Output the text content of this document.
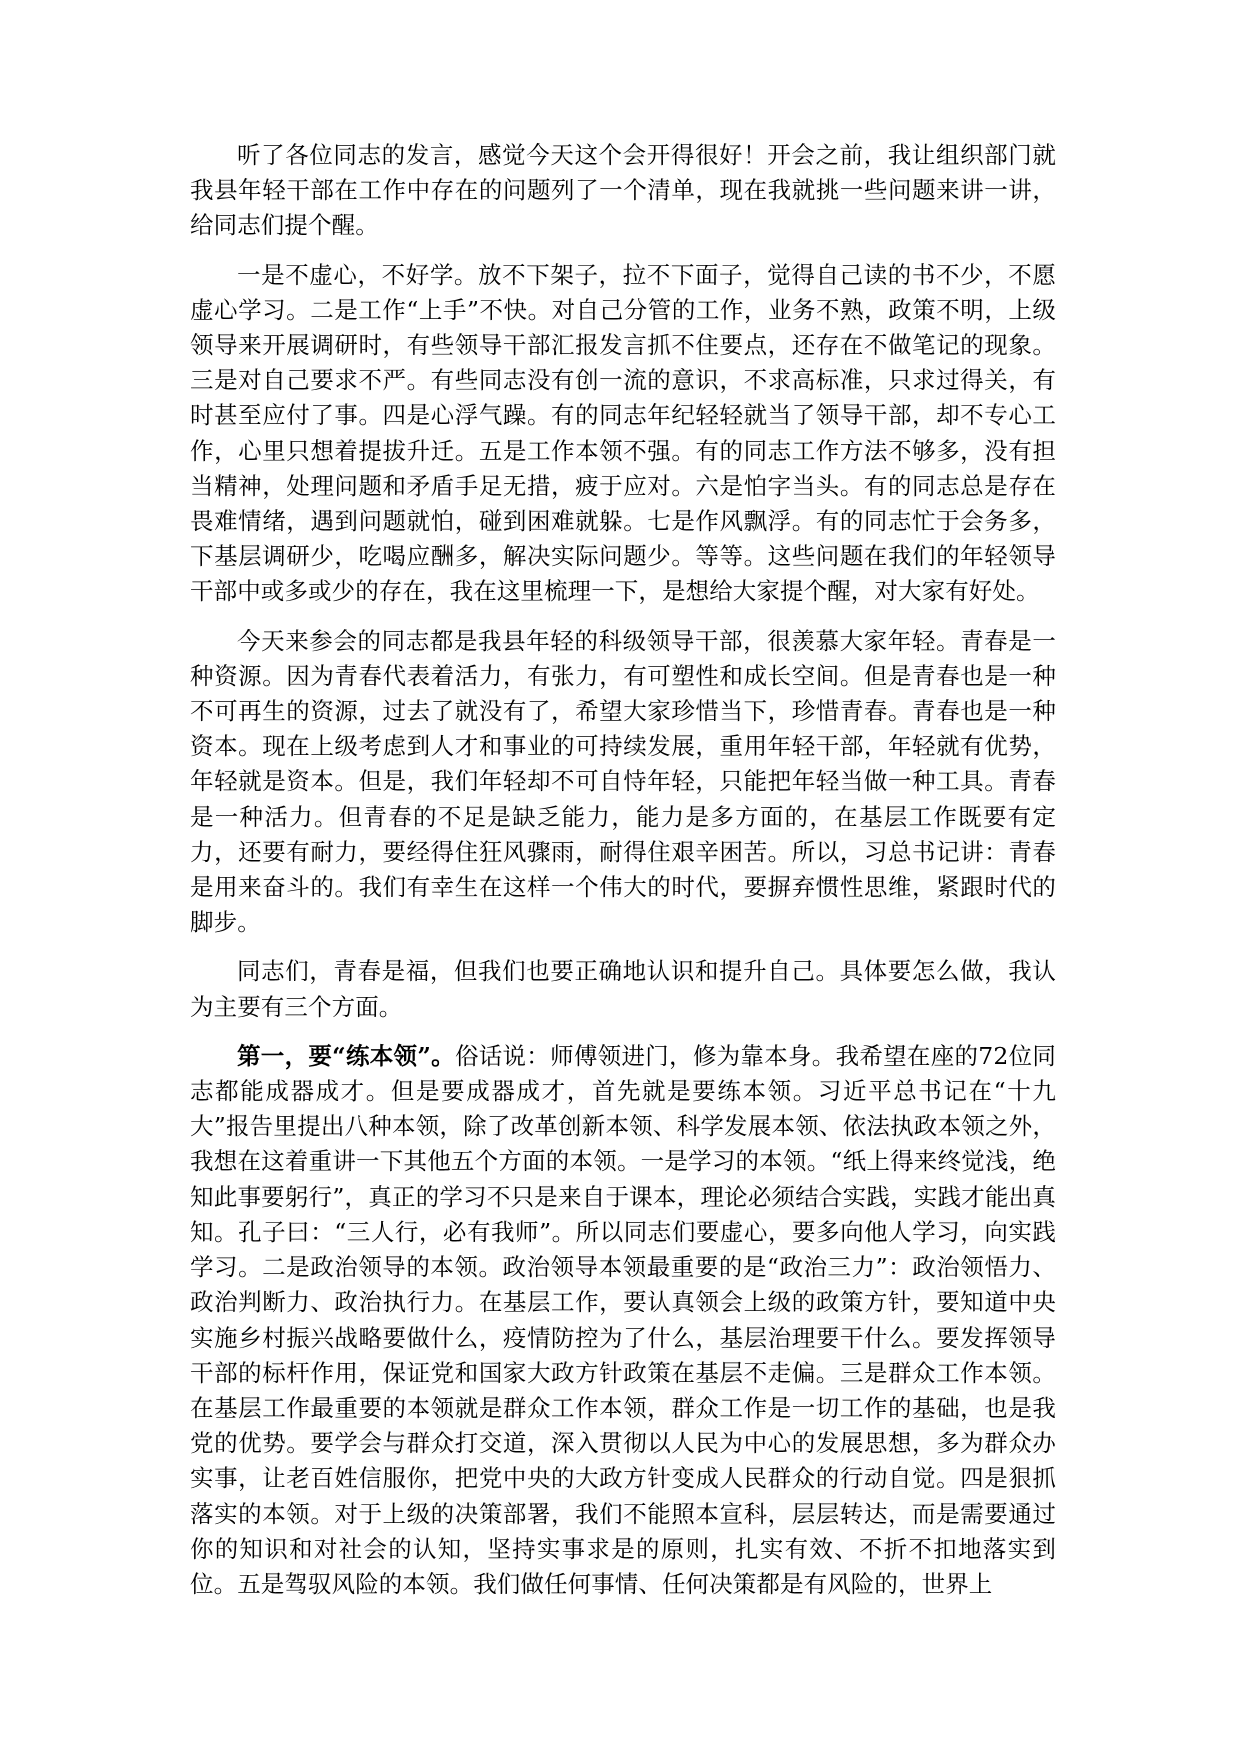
听了各位同志的发言，感觉今天这个会开得很好！开会之前，我让组织部门就我县年轻干部在工作中存在的问题列了一个清单，现在我就挑一些问题来讲一讲，给同志们提个醒。

一是不虚心，不好学。放不下架子，拉不下面子，觉得自己读的书不少，不愿虚心学习。二是工作“上手”不快。对自己分管的工作，业务不熟，政策不明，上级领导来开展调研时，有些领导干部汇报发言抓不住要点，还存在不做笔记的现象。三是对自己要求不严。有些同志没有创一流的意识，不求高标准，只求过得关，有时甚至应付了事。四是心浮气躁。有的同志年纪轻轻就当了领导干部，却不专心工作，心里只想着提拔升迁。五是工作本领不强。有的同志工作方法不够多，没有担当精神，处理问题和矛盾手足无措，疲于应对。六是怕字当头。有的同志总是存在畏难情绪，遇到问题就怕，碰到困难就躲。七是作风飘浮。有的同志忙于会务多，下基层调研少，吃喝应酬多，解决实际问题少。等等。这些问题在我们的年轻领导干部中或多或少的存在，我在这里梳理一下，是想给大家提个醒，对大家有好处。

今天来参会的同志都是我县年轻的科级领导干部，很羡慕大家年轻。青春是一种资源。因为青春代表着活力，有张力，有可塑性和成长空间。但是青春也是一种不可再生的资源，过去了就没有了，希望大家珍惜当下，珍惜青春。青春也是一种资本。现在上级考虑到人才和事业的可持续发展，重用年轻干部，年轻就有优势，年轻就是资本。但是，我们年轻却不可自恃年轻，只能把年轻当做一种工具。青春是一种活力。但青春的不足是缺乏能力，能力是多方面的，在基层工作既要有定力，还要有耐力，要经得住狂风骤雨，耐得住艰辛困苦。所以，习总书记讲：青春是用来奋斗的。我们有幸生在这样一个伟大的时代，要摒弃惯性思维，紧跟时代的脚步。

同志们，青春是福，但我们也要正确地认识和提升自己。具体要怎么做，我认为主要有三个方面。

第一，要“练本领”。俗话说：师傅领进门，修为靠本身。我希望在座的72位同志都能成器成才。但是要成器成才，首先就是要练本领。习近平总书记在“十九大”报告里提出八种本领，除了改革创新本领、科学发展本领、依法执政本领之外，我想在这着重讲一下其他五个方面的本领。一是学习的本领。“纸上得来终觉浅，绝知此事要躬行”，真正的学习不只是来自于课本，理论必须结合实践，实践才能出真知。孔子曰：“三人行，必有我师”。所以同志们要虚心，要多向他人学习，向实践学习。二是政治领导的本领。政治领导本领最重要的是“政治三力”：政治领悟力、政治判断力、政治执行力。在基层工作，要认真领会上级的政策方针，要知道中央实施乡村振兴战略要做什么，疫情防控为了什么，基层治理要干什么。要发挥领导干部的标杆作用，保证党和国家大政方针政策在基层不走偏。三是群众工作本领。在基层工作最重要的本领就是群众工作本领，群众工作是一切工作的基础，也是我党的优势。要学会与群众打交道，深入贯彻以人民为中心的发展思想，多为群众办实事，让老百姓信服你，把党中央的大政方针变成人民群众的行动自觉。四是狠抓落实的本领。对于上级的决策部署，我们不能照本宣科，层层转达，而是需要通过你的知识和对社会的认知，坚持实事求是的原则，扎实有效、不折不扣地落实到位。五是驾驭风险的本领。我们做任何事情、任何决策都是有风险的，世界上
